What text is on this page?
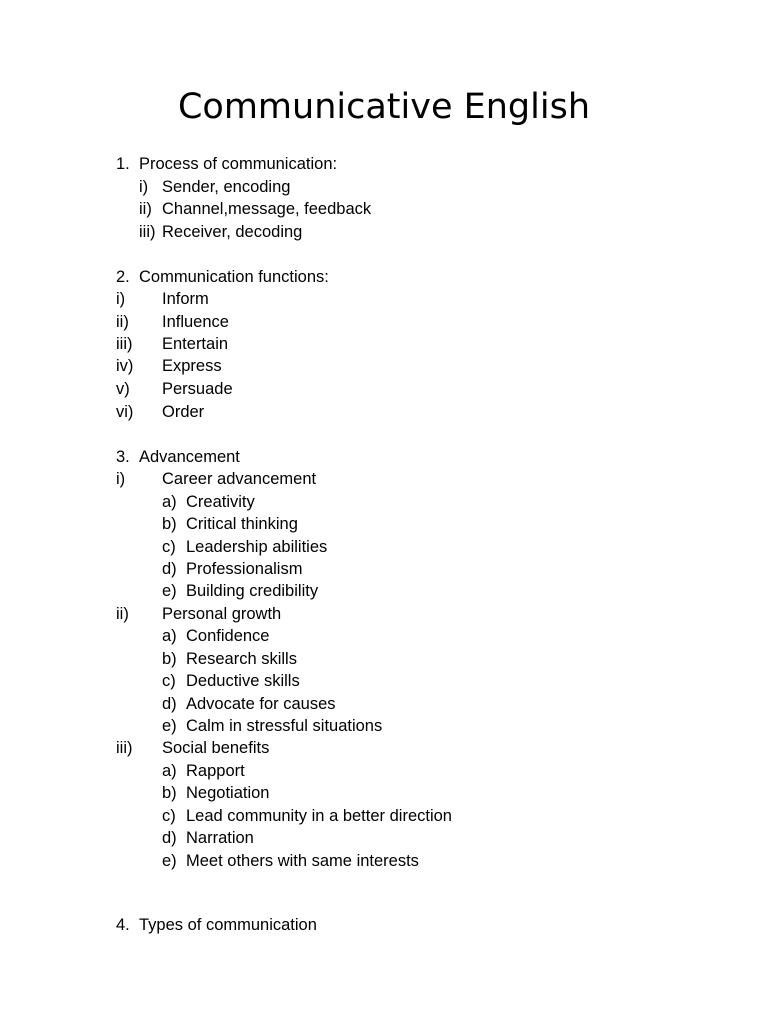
Communicative English
1. Process of communication:
i) Sender, encoding
ii) Channel,message, feedback
iii) Receiver, decoding
2. Communication functions:
i) Inform
ii) Influence
iii) Entertain
iv) Express
v) Persuade
vi) Order
3. Advancement
i) Career advancement
a) Creativity
b) Critical thinking
c) Leadership abilities
d) Professionalism
e) Building credibility
ii) Personal growth
a) Confidence
b) Research skills
c) Deductive skills
d) Advocate for causes
e) Calm in stressful situations
iii) Social benefits
a) Rapport
b) Negotiation
c) Lead community in a better direction
d) Narration
e) Meet others with same interests
4. Types of communication
